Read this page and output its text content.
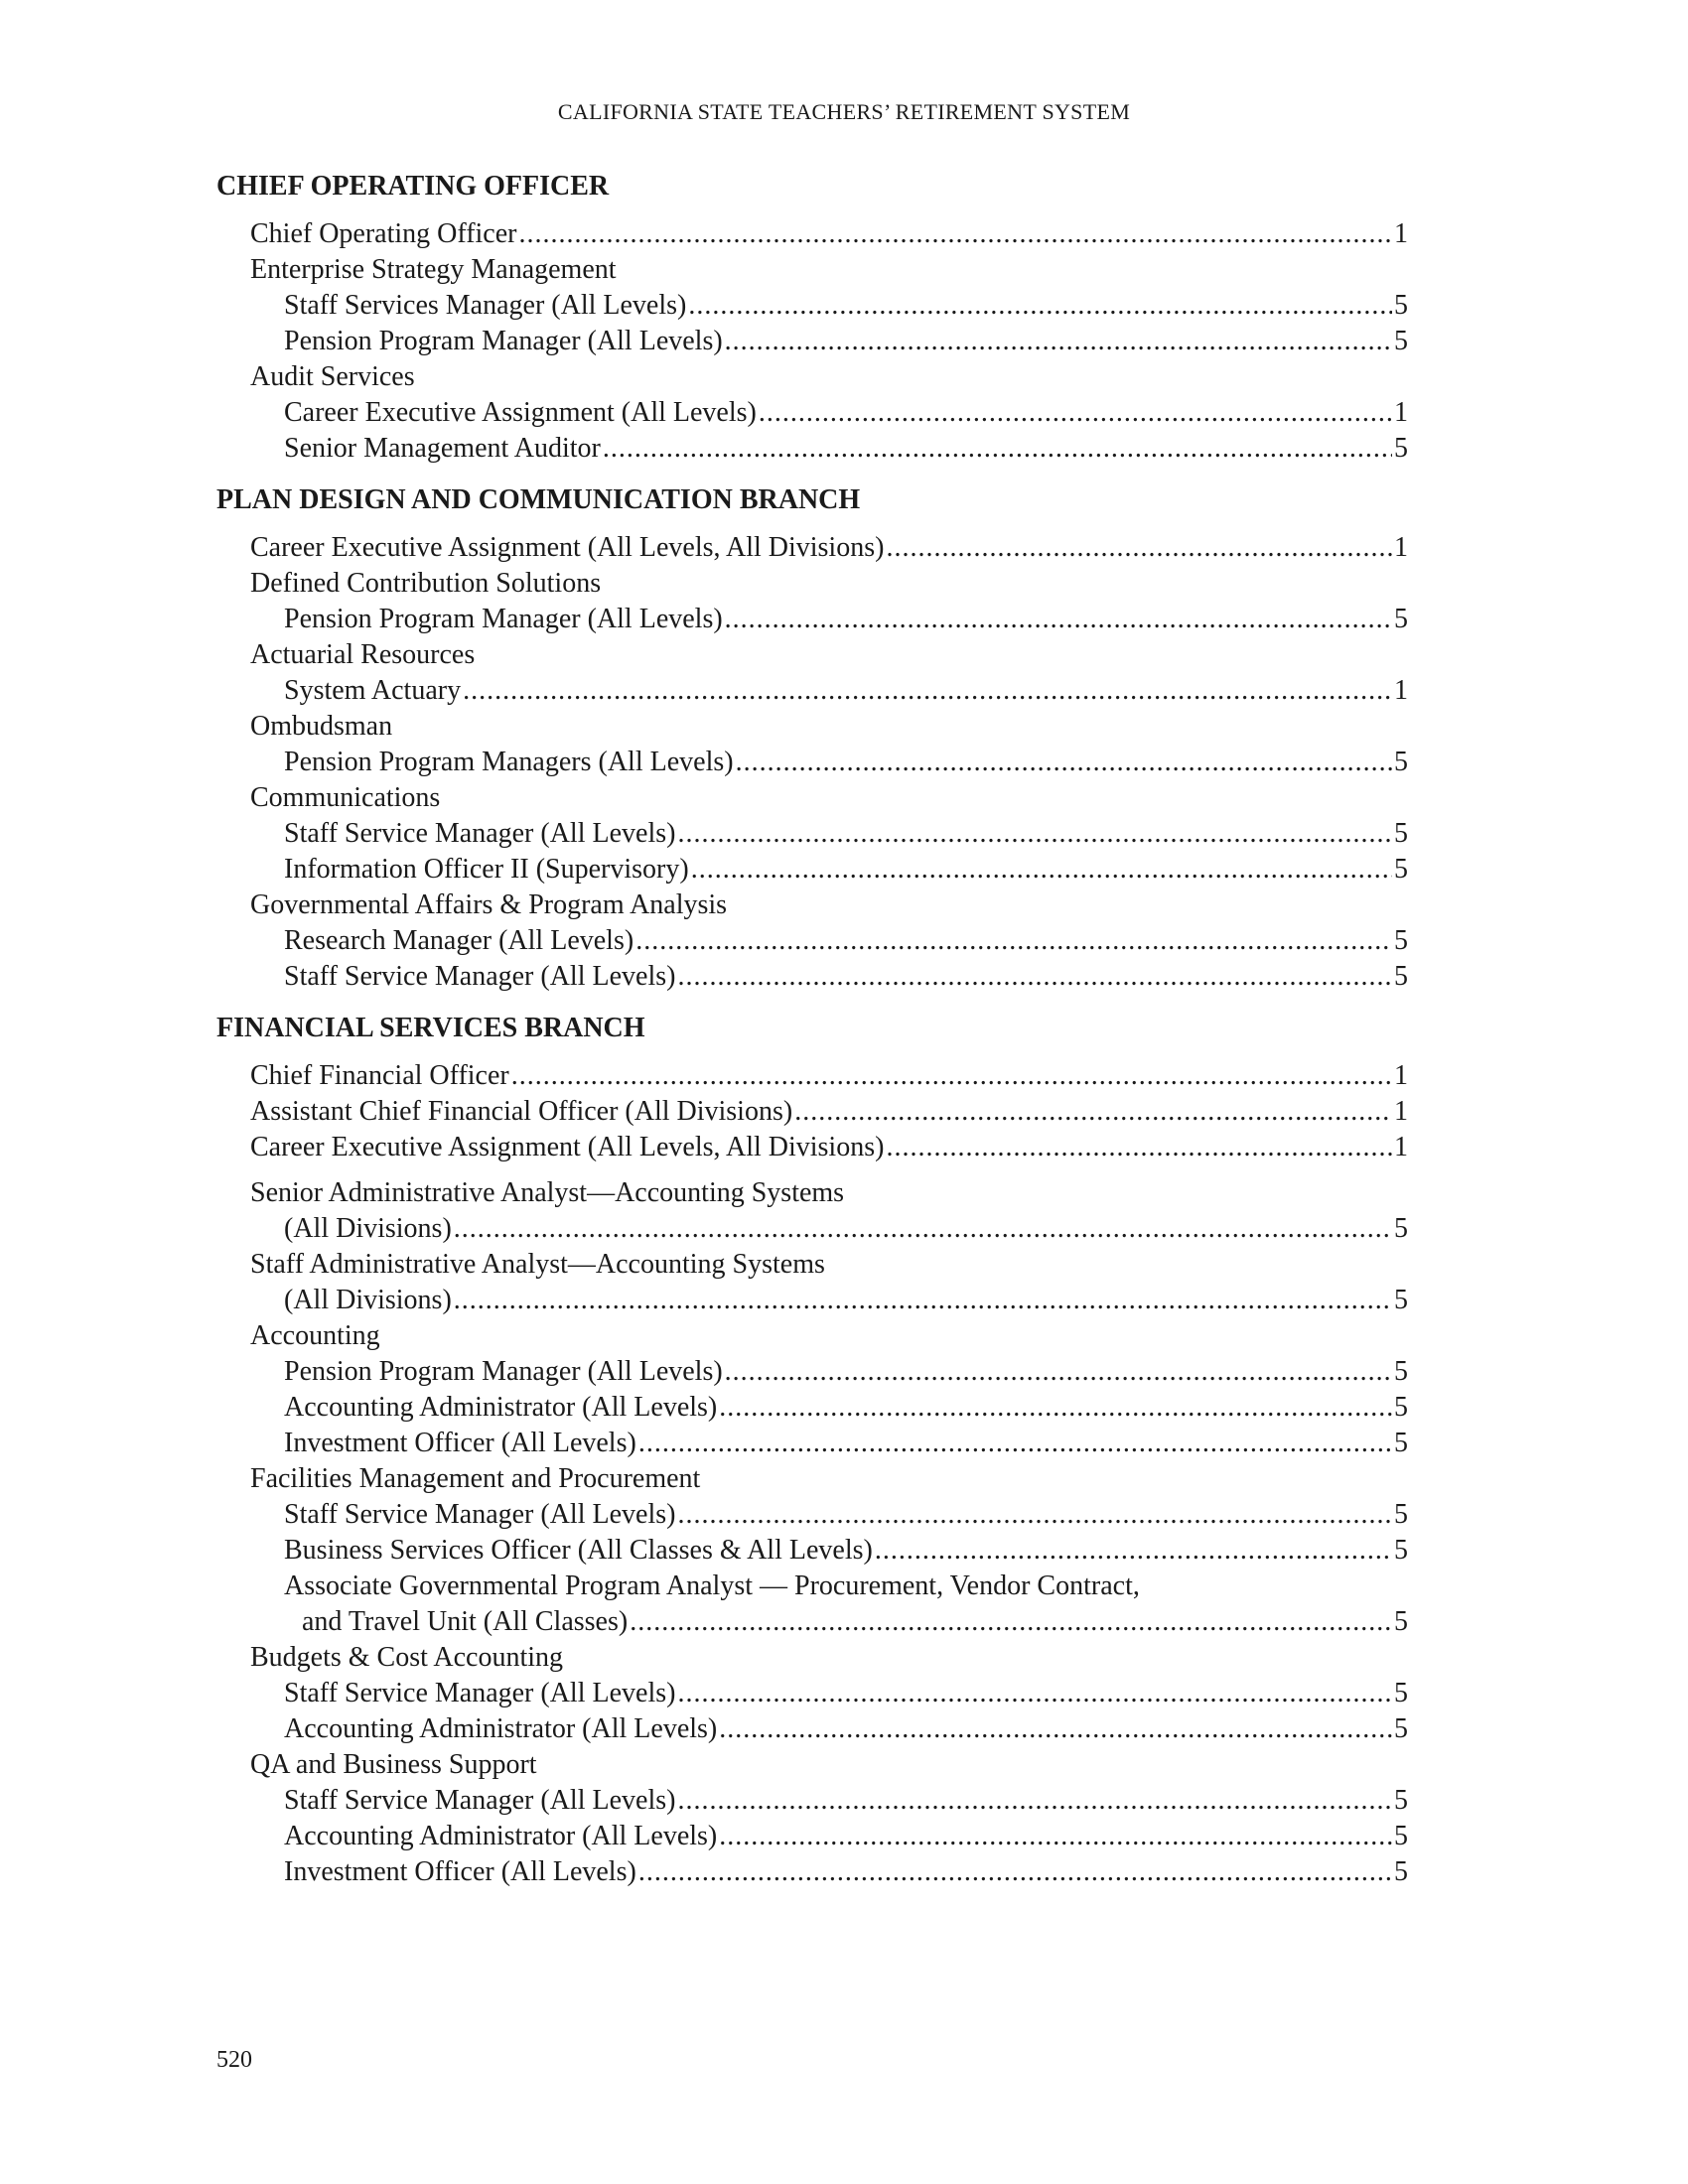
CALIFORNIA STATE TEACHERS’ RETIREMENT SYSTEM
CHIEF OPERATING OFFICER
Chief Operating Officer .....	1
Enterprise Strategy Management
Staff Services Manager (All Levels) .....	5
Pension Program Manager (All Levels) .....	5
Audit Services
Career Executive Assignment (All Levels) .....	1
Senior Management Auditor .....	5
PLAN DESIGN AND COMMUNICATION BRANCH
Career Executive Assignment (All Levels, All Divisions) .....	1
Defined Contribution Solutions
Pension Program Manager (All Levels) .....	5
Actuarial Resources
System Actuary .....	1
Ombudsman
Pension Program Managers (All Levels) .....	5
Communications
Staff Service Manager (All Levels) .....	5
Information Officer II (Supervisory) .....	5
Governmental Affairs & Program Analysis
Research Manager (All Levels) .....	5
Staff Service Manager (All Levels) .....	5
FINANCIAL SERVICES BRANCH
Chief Financial Officer .....	1
Assistant Chief Financial Officer (All Divisions) .....	1
Career Executive Assignment (All Levels, All Divisions) .....	1
Senior Administrative Analyst—Accounting Systems
(All Divisions) .....	5
Staff Administrative Analyst—Accounting Systems
(All Divisions) .....	5
Accounting
Pension Program Manager (All Levels) .....	5
Accounting Administrator (All Levels) .....	5
Investment Officer (All Levels) .....	5
Facilities Management and Procurement
Staff Service Manager (All Levels) .....	5
Business Services Officer (All Classes & All Levels) .....	5
Associate Governmental Program Analyst — Procurement, Vendor Contract,
and Travel Unit (All Classes) .....	5
Budgets & Cost Accounting
Staff Service Manager (All Levels) .....	5
Accounting Administrator (All Levels) .....	5
QA and Business Support
Staff Service Manager (All Levels) .....	5
Accounting Administrator (All Levels) .....	5
Investment Officer (All Levels) .....	5
520
